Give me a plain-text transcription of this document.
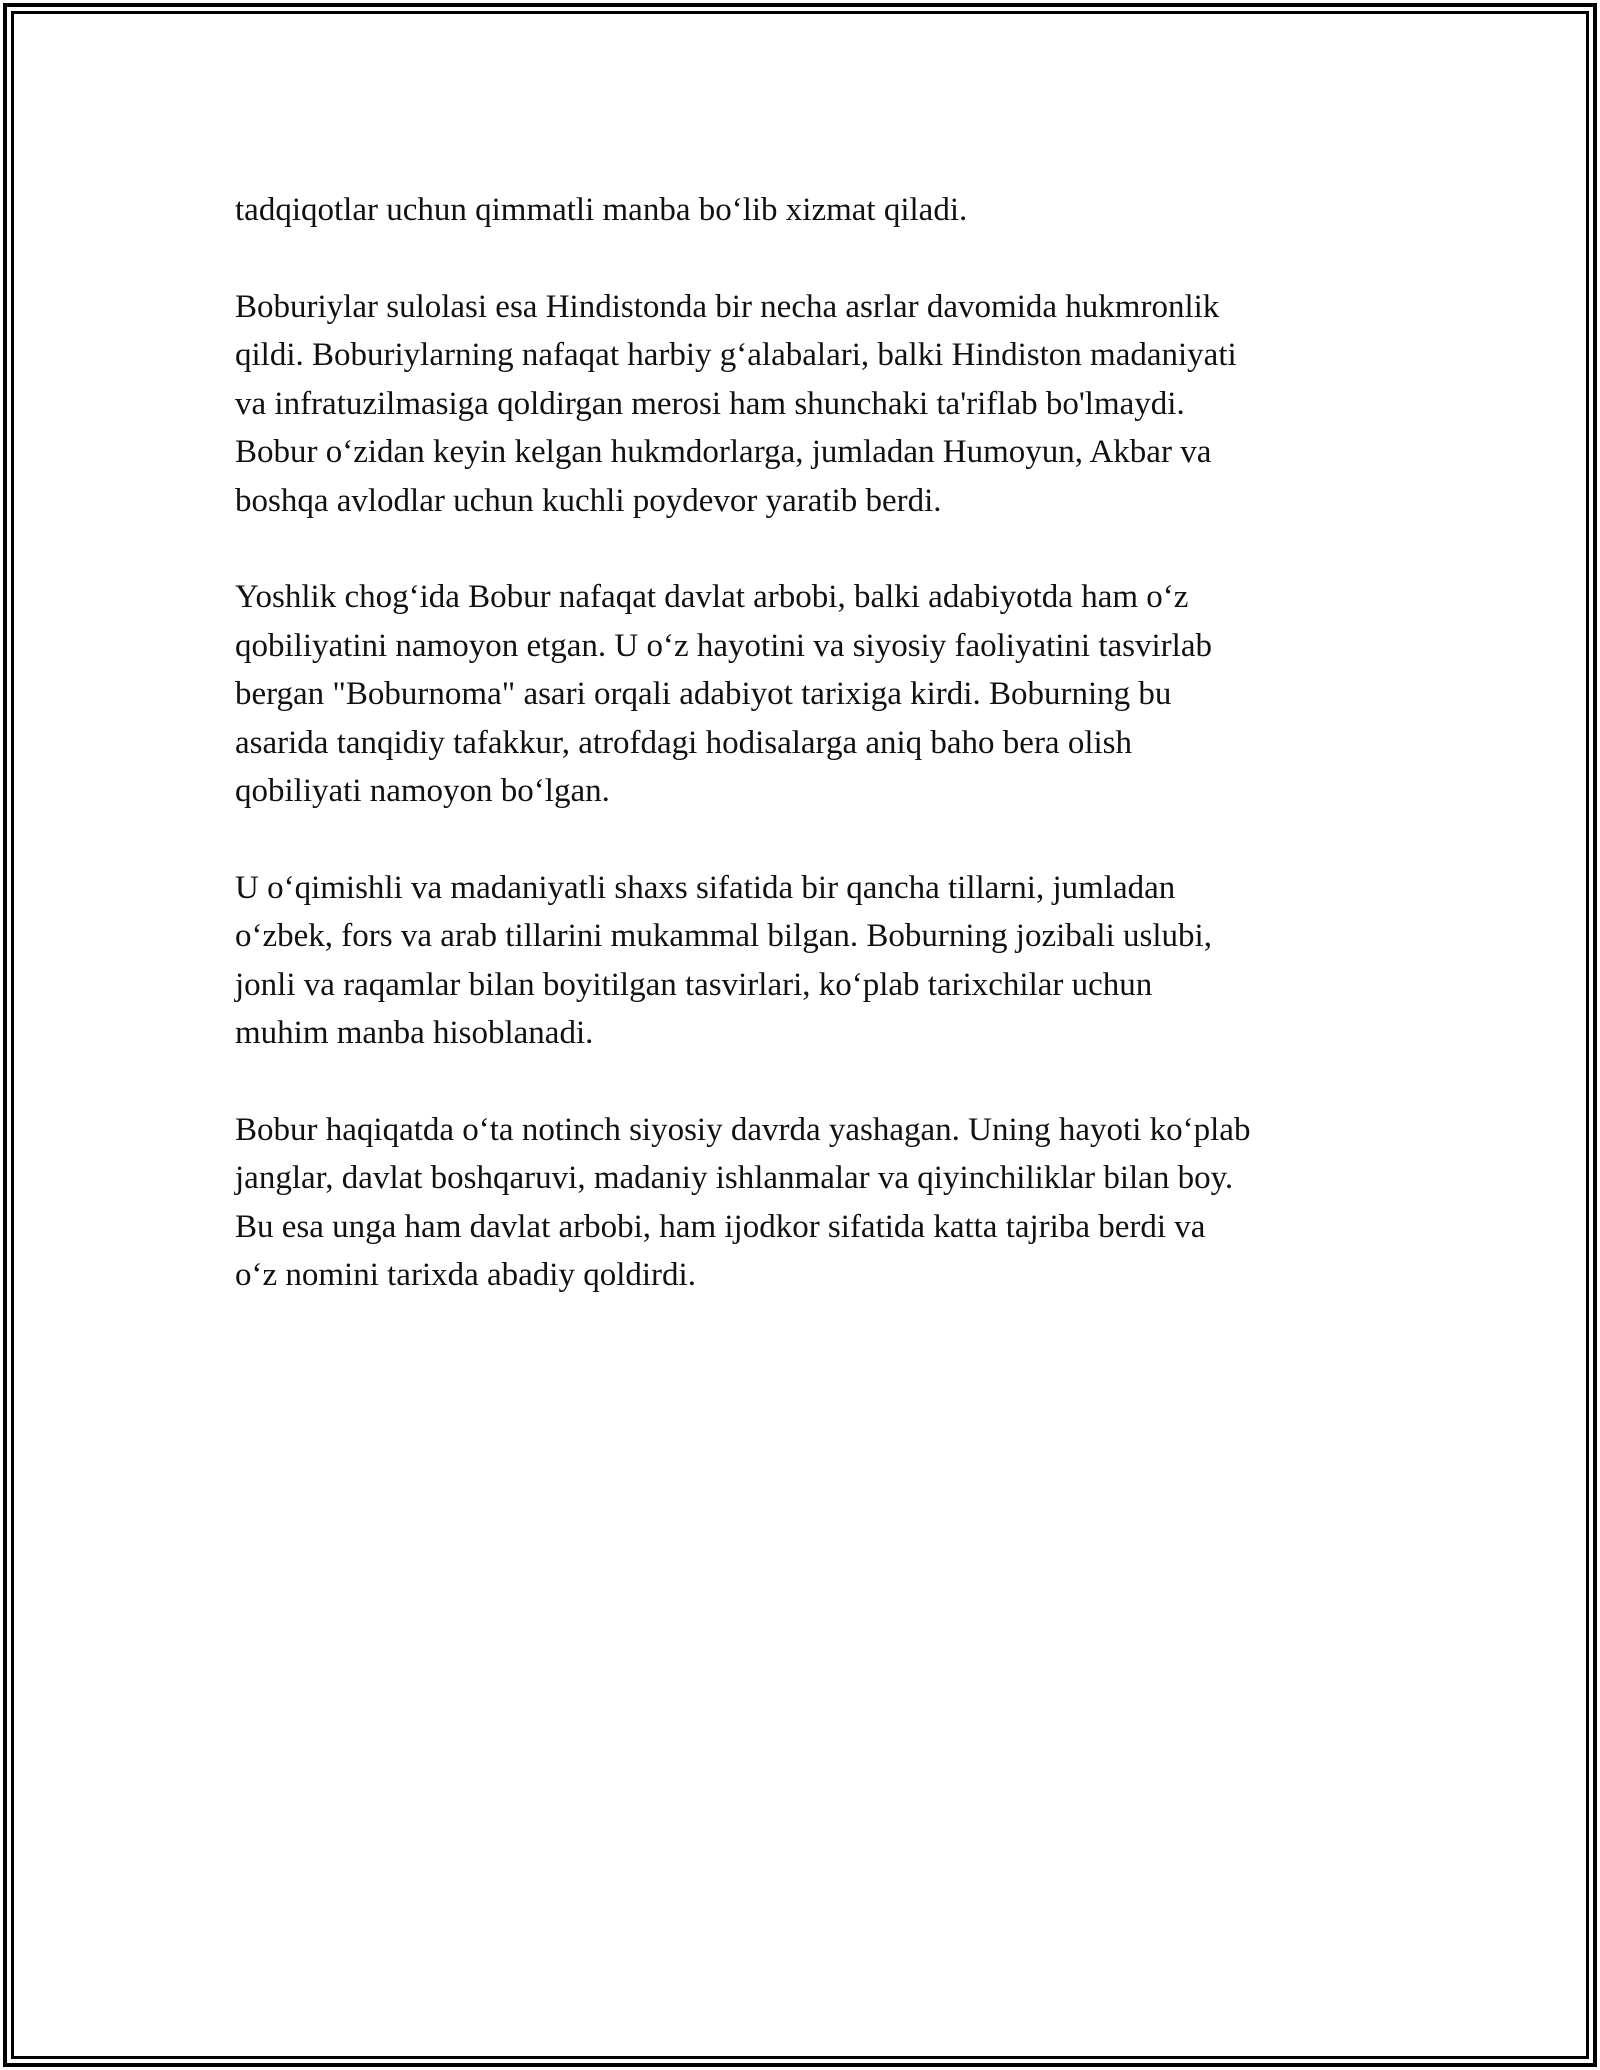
tadqiqotlar uchun qimmatli manba bo‘lib xizmat qiladi.

Boburiylar sulolasi esa Hindistonda bir necha asrlar davomida hukmronlik
qildi. Boburiylarning nafaqat harbiy g‘alabalari, balki Hindiston madaniyati
va infratuzilmasiga qoldirgan merosi ham shunchaki ta'riflab bo'lmaydi.
Bobur o‘zidan keyin kelgan hukmdorlarga, jumladan Humoyun, Akbar va
boshqa avlodlar uchun kuchli poydevor yaratib berdi.

Yoshlik chog‘ida Bobur nafaqat davlat arbobi, balki adabiyotda ham o‘z
qobiliyatini namoyon etgan. U o‘z hayotini va siyosiy faoliyatini tasvirlab
bergan "Boburnoma" asari orqali adabiyot tarixiga kirdi. Boburning bu
asarida tanqidiy tafakkur, atrofdagi hodisalarga aniq baho bera olish
qobiliyati namoyon bo‘lgan.

U o‘qimishli va madaniyatli shaxs sifatida bir qancha tillarni, jumladan
o‘zbek, fors va arab tillarini mukammal bilgan. Boburning jozibali uslubi,
jonli va raqamlar bilan boyitilgan tasvirlari, ko‘plab tarixchilar uchun
muhim manba hisoblanadi.

Bobur haqiqatda o‘ta notinch siyosiy davrda yashagan. Uning hayoti ko‘plab
janglar, davlat boshqaruvi, madaniy ishlanmalar va qiyinchiliklar bilan boy.
Bu esa unga ham davlat arbobi, ham ijodkor sifatida katta tajriba berdi va
o‘z nomini tarixda abadiy qoldirdi.
